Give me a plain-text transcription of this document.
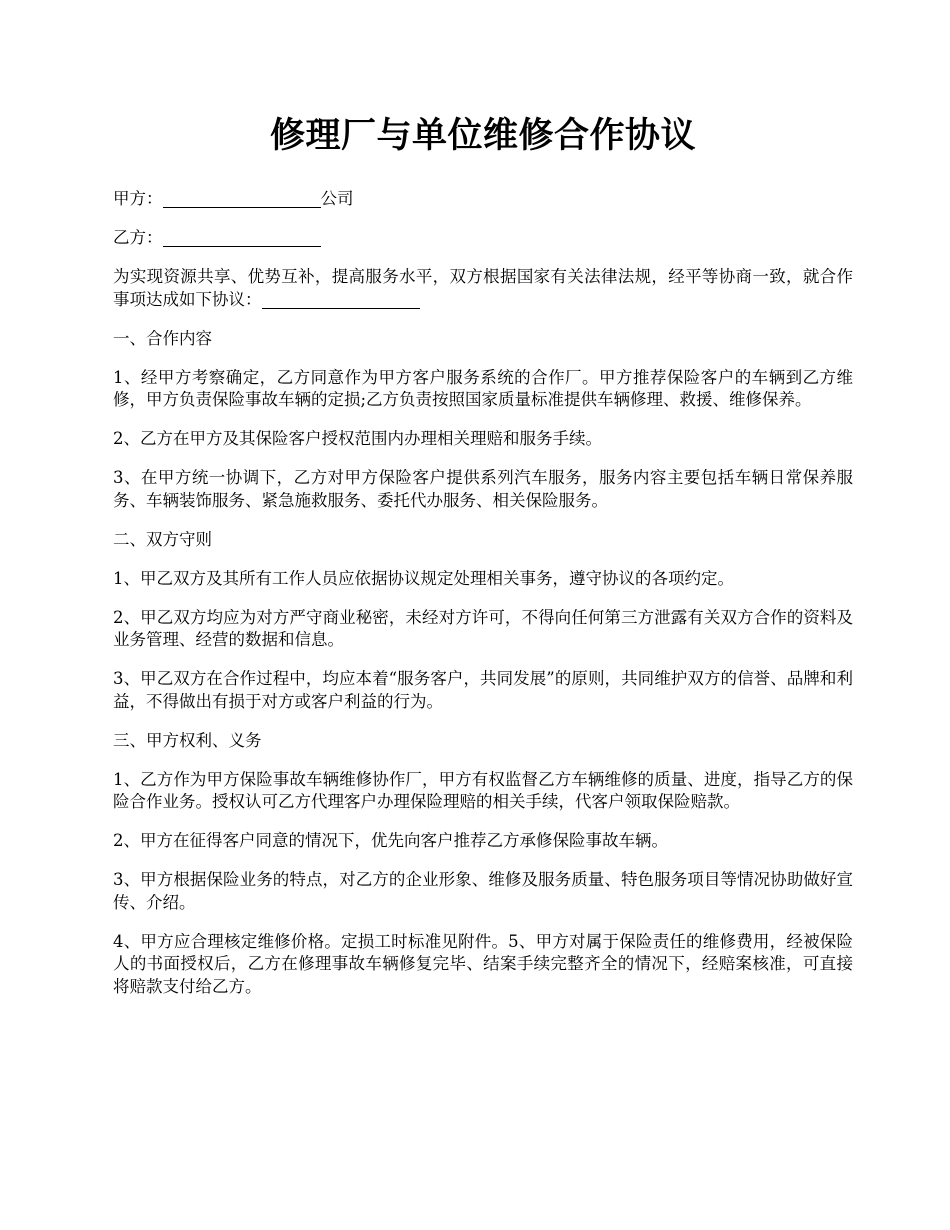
修理厂与单位维修合作协议

甲方：	公司

乙方：

为实现资源共享、优势互补，提高服务水平，双方根据国家有关法律法规，经平等协商一致，就合作事项达成如下协议：

一、合作内容

1、经甲方考察确定，乙方同意作为甲方客户服务系统的合作厂。甲方推荐保险客户的车辆到乙方维修，甲方负责保险事故车辆的定损;乙方负责按照国家质量标准提供车辆修理、救援、维修保养。

2、乙方在甲方及其保险客户授权范围内办理相关理赔和服务手续。

3、在甲方统一协调下，乙方对甲方保险客户提供系列汽车服务，服务内容主要包括车辆日常保养服务、车辆装饰服务、紧急施救服务、委托代办服务、相关保险服务。

二、双方守则

1、甲乙双方及其所有工作人员应依据协议规定处理相关事务，遵守协议的各项约定。

2、甲乙双方均应为对方严守商业秘密，未经对方许可，不得向任何第三方泄露有关双方合作的资料及业务管理、经营的数据和信息。

3、甲乙双方在合作过程中，均应本着“服务客户，共同发展”的原则，共同维护双方的信誉、品牌和利益，不得做出有损于对方或客户利益的行为。

三、甲方权利、义务

1、乙方作为甲方保险事故车辆维修协作厂，甲方有权监督乙方车辆维修的质量、进度，指导乙方的保险合作业务。授权认可乙方代理客户办理保险理赔的相关手续，代客户领取保险赔款。

2、甲方在征得客户同意的情况下，优先向客户推荐乙方承修保险事故车辆。

3、甲方根据保险业务的特点，对乙方的企业形象、维修及服务质量、特色服务项目等情况协助做好宣传、介绍。

4、甲方应合理核定维修价格。定损工时标准见附件。5、甲方对属于保险责任的维修费用，经被保险人的书面授权后，乙方在修理事故车辆修复完毕、结案手续完整齐全的情况下，经赔案核准，可直接将赔款支付给乙方。
